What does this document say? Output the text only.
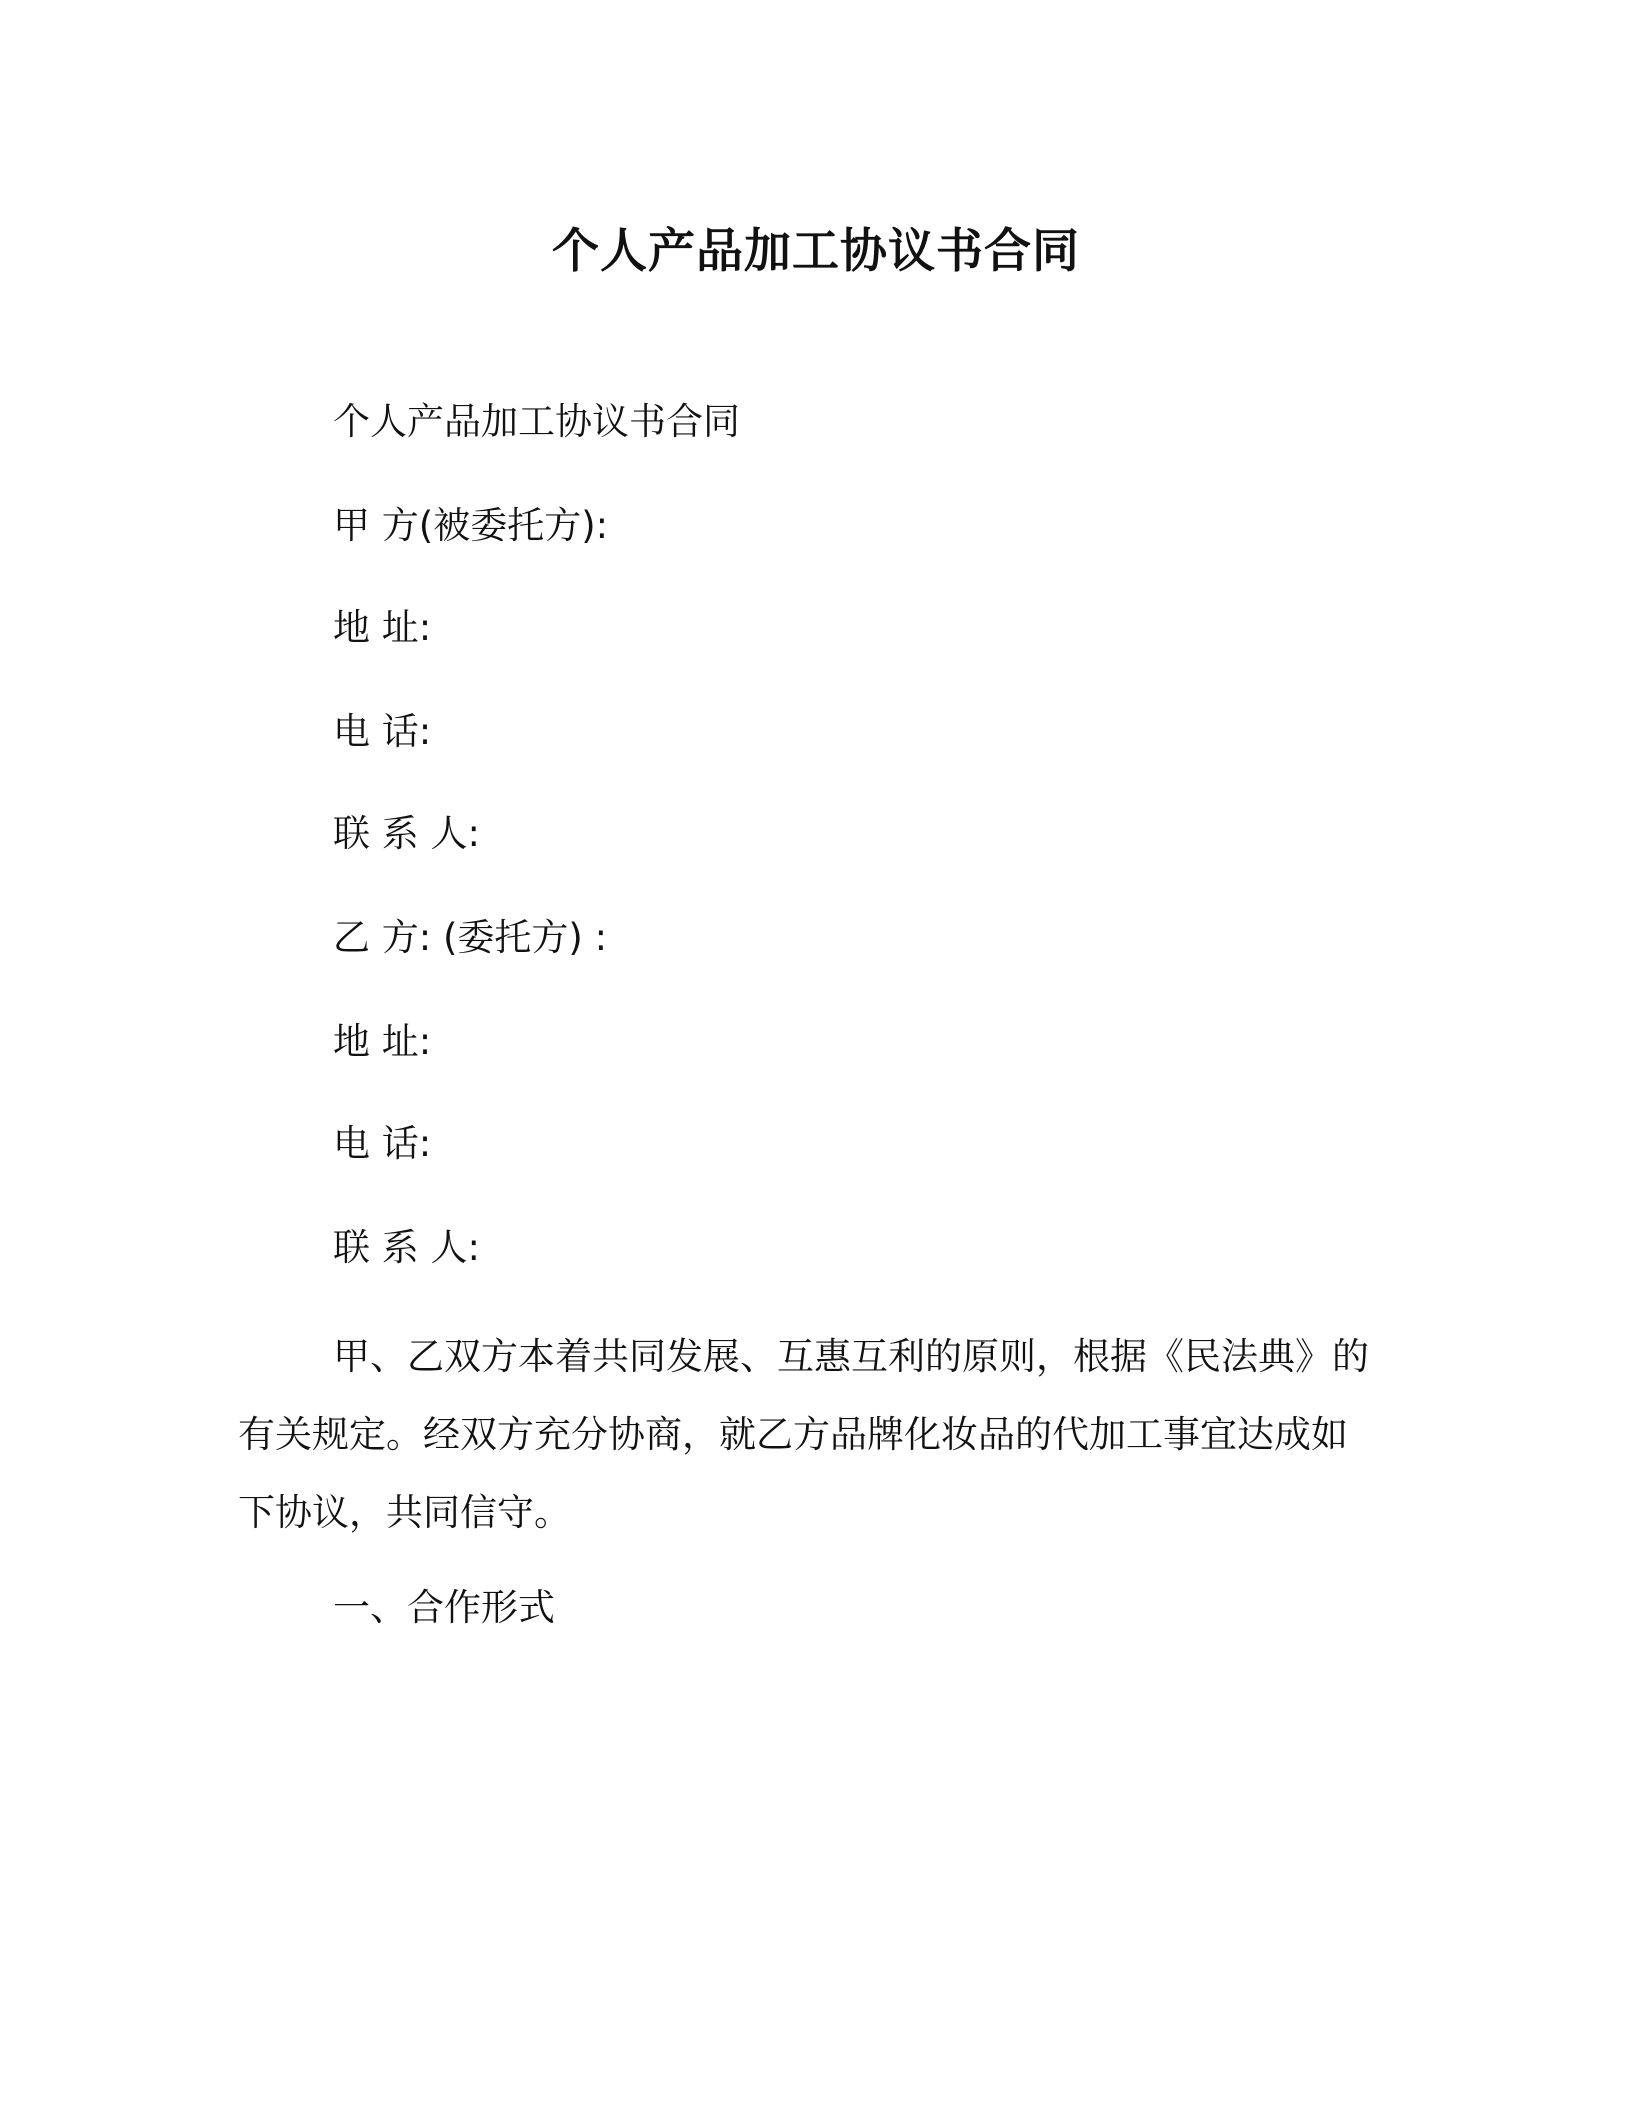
个人产品加工协议书合同

个人产品加工协议书合同

甲 方(被委托方):

地 址:

电 话:

联 系 人:

乙 方: (委托方) :

地 址:

电 话:

联 系 人:

甲、乙双方本着共同发展、互惠互利的原则，根据《民法典》的有关规定。经双方充分协商，就乙方品牌化妆品的代加工事宜达成如下协议，共同信守。

一、合作形式
